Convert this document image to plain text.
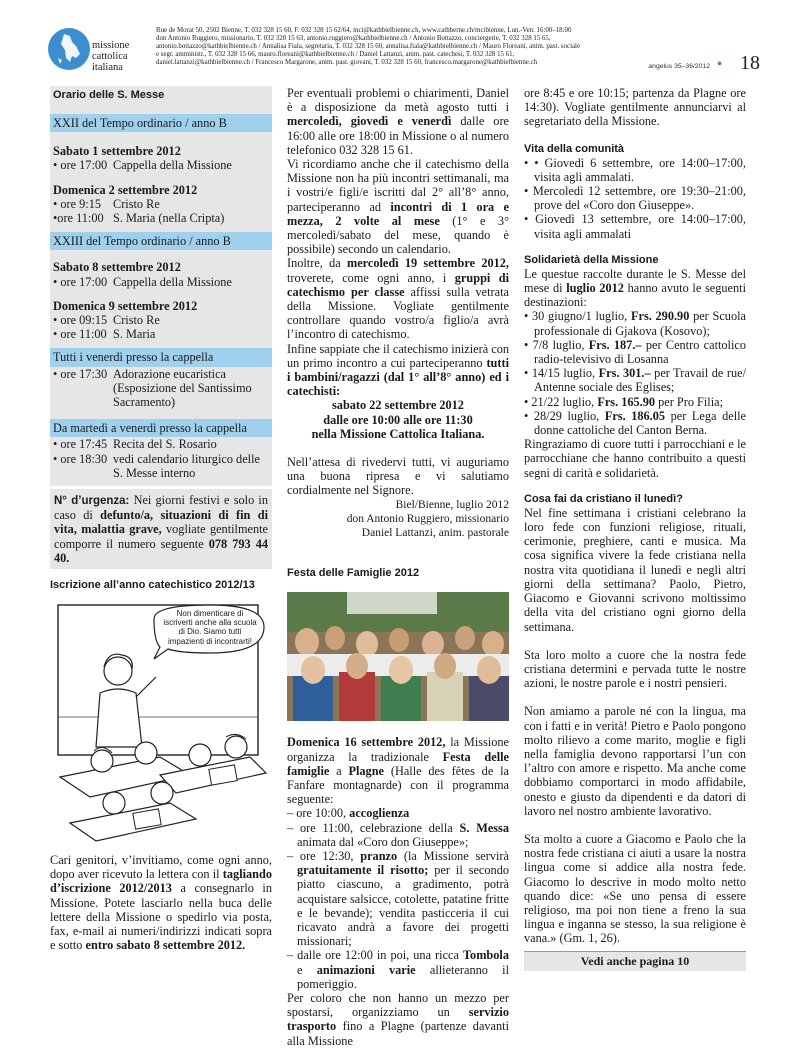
missione
cattolica
italiana
Rue de Morat 50, 2502 Bienne, T. 032 328 15 60, F. 032 328 15 62/64, mci@kathbielbienne.ch, www.cathberne.ch/mcibienne, Lun.-Ven. 16:00–18:00
don Antonio Ruggiero, missionario, T. 032 328 15 63, antonio.ruggiero@kathbielbienne.ch / Antonio Bottazzo, conciergerie, T. 032 328 15 65,
antonio.bottazzo@kathbielbienne.ch / Annalisa Fiala, segretaria, T. 032 328 15 60, annalisa.fiala@kathbielbienne.ch / Mauro Floreani, anim. past. sociale
e segr. amministr., T. 032 328 15 66, mauro.floreani@kathbielbienne.ch / Daniel Lattanzi, anim. past. catechesi, T. 032 328 15 61,
daniel.lattanzi@kathbielbienne.ch / Francesco Margarone, anim. past. giovani, T. 032 328 15 60, francesco.margarone@kathbielbienne.ch
angelus 35–36/2012 • 18
Orario delle S. Messe
XXII del Tempo ordinario / anno B
Sabato 1 settembre 2012
• ore 17:00 Cappella della Missione
Domenica 2 settembre 2012
• ore 9:15 Cristo Re
•ore 11:00 S. Maria (nella Cripta)
XXIII del Tempo ordinario / anno B
Sabato 8 settembre 2012
• ore 17:00 Cappella della Missione
Domenica 9 settembre 2012
• ore 09:15 Cristo Re
• ore 11:00 S. Maria
Tutti i venerdì presso la cappella
• ore 17:30 Adorazione eucaristica (Esposizione del Santissimo Sacramento)
Da martedì a venerdì presso la cappella
• ore 17:45 Recita del S. Rosario
• ore 18:30 vedi calendario liturgico delle S. Messe interno
N° d’urgenza: Nei giorni festivi e solo in caso di defunto/a, situazioni di fin di vita, malattia grave, vogliate gentilmente comporre il numero seguente 078 793 44 40.
Iscrizione all’anno catechistico 2012/13
Non dimenticare di iscriverti anche alla scuola di Dio. Siamo tutti impazienti di incontrarti!
Cari genitori, v’invitiamo, come ogni anno, dopo aver ricevuto la lettera con il tagliando d’iscrizione 2012/2013 a consegnarlo in Missione. Potete lasciarlo nella buca delle lettere della Missione o spedirlo via posta, fax, e-mail ai numeri/indirizzi indicati sopra e sotto entro sabato 8 settembre 2012.
Per eventuali problemi o chiarimenti, Daniel è a disposizione da metà agosto tutti i mercoledì, giovedì e venerdì dalle ore 16:00 alle ore 18:00 in Missione o al numero telefonico 032 328 15 61.
Vi ricordiamo anche che il catechismo della Missione non ha più incontri settimanali, ma i vostri/e figli/e iscritti dal 2° all’8° anno, parteciperanno ad incontri di 1 ora e mezza, 2 volte al mese (1° e 3° mercoledì/sabato del mese, quando è possibile) secondo un calendario.
Inoltre, da mercoledì 19 settembre 2012, troverete, come ogni anno, i gruppi di catechismo per classe affissi sulla vetrata della Missione. Vogliate gentilmente controllare quando vostro/a figlio/a avrà l’incontro di catechismo.
Infine sappiate che il catechismo inizierà con un primo incontro a cui parteciperanno tutti i bambini/ragazzi (dal 1° all’8° anno) ed i catechisti:
sabato 22 settembre 2012
dalle ore 10:00 alle ore 11:30
nella Missione Cattolica Italiana.
Nell’attesa di rivedervi tutti, vi auguriamo una buona ripresa e vi salutiamo cordialmente nel Signore.
Biel/Bienne, luglio 2012
don Antonio Ruggiero, missionario
Daniel Lattanzi, anim. pastorale
Festa delle Famiglie 2012
Domenica 16 settembre 2012, la Missione organizza la tradizionale Festa delle famiglie a Plagne (Halle des fêtes de la Fanfare montagnarde) con il programma seguente:
– ore 10:00, accoglienza
– ore 11:00, celebrazione della S. Messa animata dal «Coro don Giuseppe»;
– ore 12:30, pranzo (la Missione servirà gratuitamente il risotto; per il secondo piatto ciascuno, a gradimento, potrà acquistare salsicce, cotolette, patatine fritte e le bevande); vendita pasticceria il cui ricavato andrà a favore dei progetti missionari;
– dalle ore 12:00 in poi, una ricca Tombola e animazioni varie allieteranno il pomeriggio.
Per coloro che non hanno un mezzo per spostarsi, organizziamo un servizio trasporto fino a Plagne (partenze davanti alla Missione
ore 8:45 e ore 10:15; partenza da Plagne ore 14:30). Vogliate gentilmente annunciarvi al segretariato della Missione.
Vita della comunità
• • Giovedì 6 settembre, ore 14:00–17:00, visita agli ammalati.
• Mercoledì 12 settembre, ore 19:30–21:00, prove del «Coro don Giuseppe».
• Giovedì 13 settembre, ore 14:00–17:00, visita agli ammalati
Solidarietà della Missione
Le questue raccolte durante le S. Messe del mese di luglio 2012 hanno avuto le seguenti destinazioni:
• 30 giugno/1 luglio, Frs. 290.90 per Scuola professionale di Gjakova (Kosovo);
• 7/8 luglio, Frs. 187.– per Centro cattolico radio-televisivo di Losanna
• 14/15 luglio, Frs. 301.– per Travail de rue/ Antenne sociale des Eglises;
• 21/22 luglio, Frs. 165.90 per Pro Filia;
• 28/29 luglio, Frs. 186.05 per Lega delle donne cattoliche del Canton Berna.
Ringraziamo di cuore tutti i parrocchiani e le parrocchiane che hanno contribuito a questi segni di carità e solidarietà.
Cosa fai da cristiano il lunedì?
Nel fine settimana i cristiani celebrano la loro fede con funzioni religiose, rituali, cerimonie, preghiere, canti e musica. Ma cosa significa vivere la fede cristiana nella nostra vita quotidiana il lunedì e negli altri giorni della settimana? Paolo, Pietro, Giacomo e Giovanni scrivono moltissimo della vita del cristiano ogni giorno della settimana.
Sta loro molto a cuore che la nostra fede cristiana determini e pervada tutte le nostre azioni, le nostre parole e i nostri pensieri.
Non amiamo a parole né con la lingua, ma con i fatti e in verità! Pietro e Paolo pongono molto rilievo a come marito, moglie e figli nella famiglia devono rapportarsi l’un con l’altro con amore e rispetto. Ma anche come dobbiamo comportarci in modo affidabile, onesto e giusto da dipendenti e da datori di lavoro nel nostro ambiente lavorativo.
Sta molto a cuore a Giacomo e Paolo che la nostra fede cristiana ci aiuti a usare la nostra lingua come si addice alla nostra fede. Giacomo lo descrive in modo molto netto quando dice: «Se uno pensa di essere religioso, ma poi non tiene a freno la sua lingua e inganna se stesso, la sua religione è vana.» (Gm. 1, 26).
Vedi anche pagina 10
